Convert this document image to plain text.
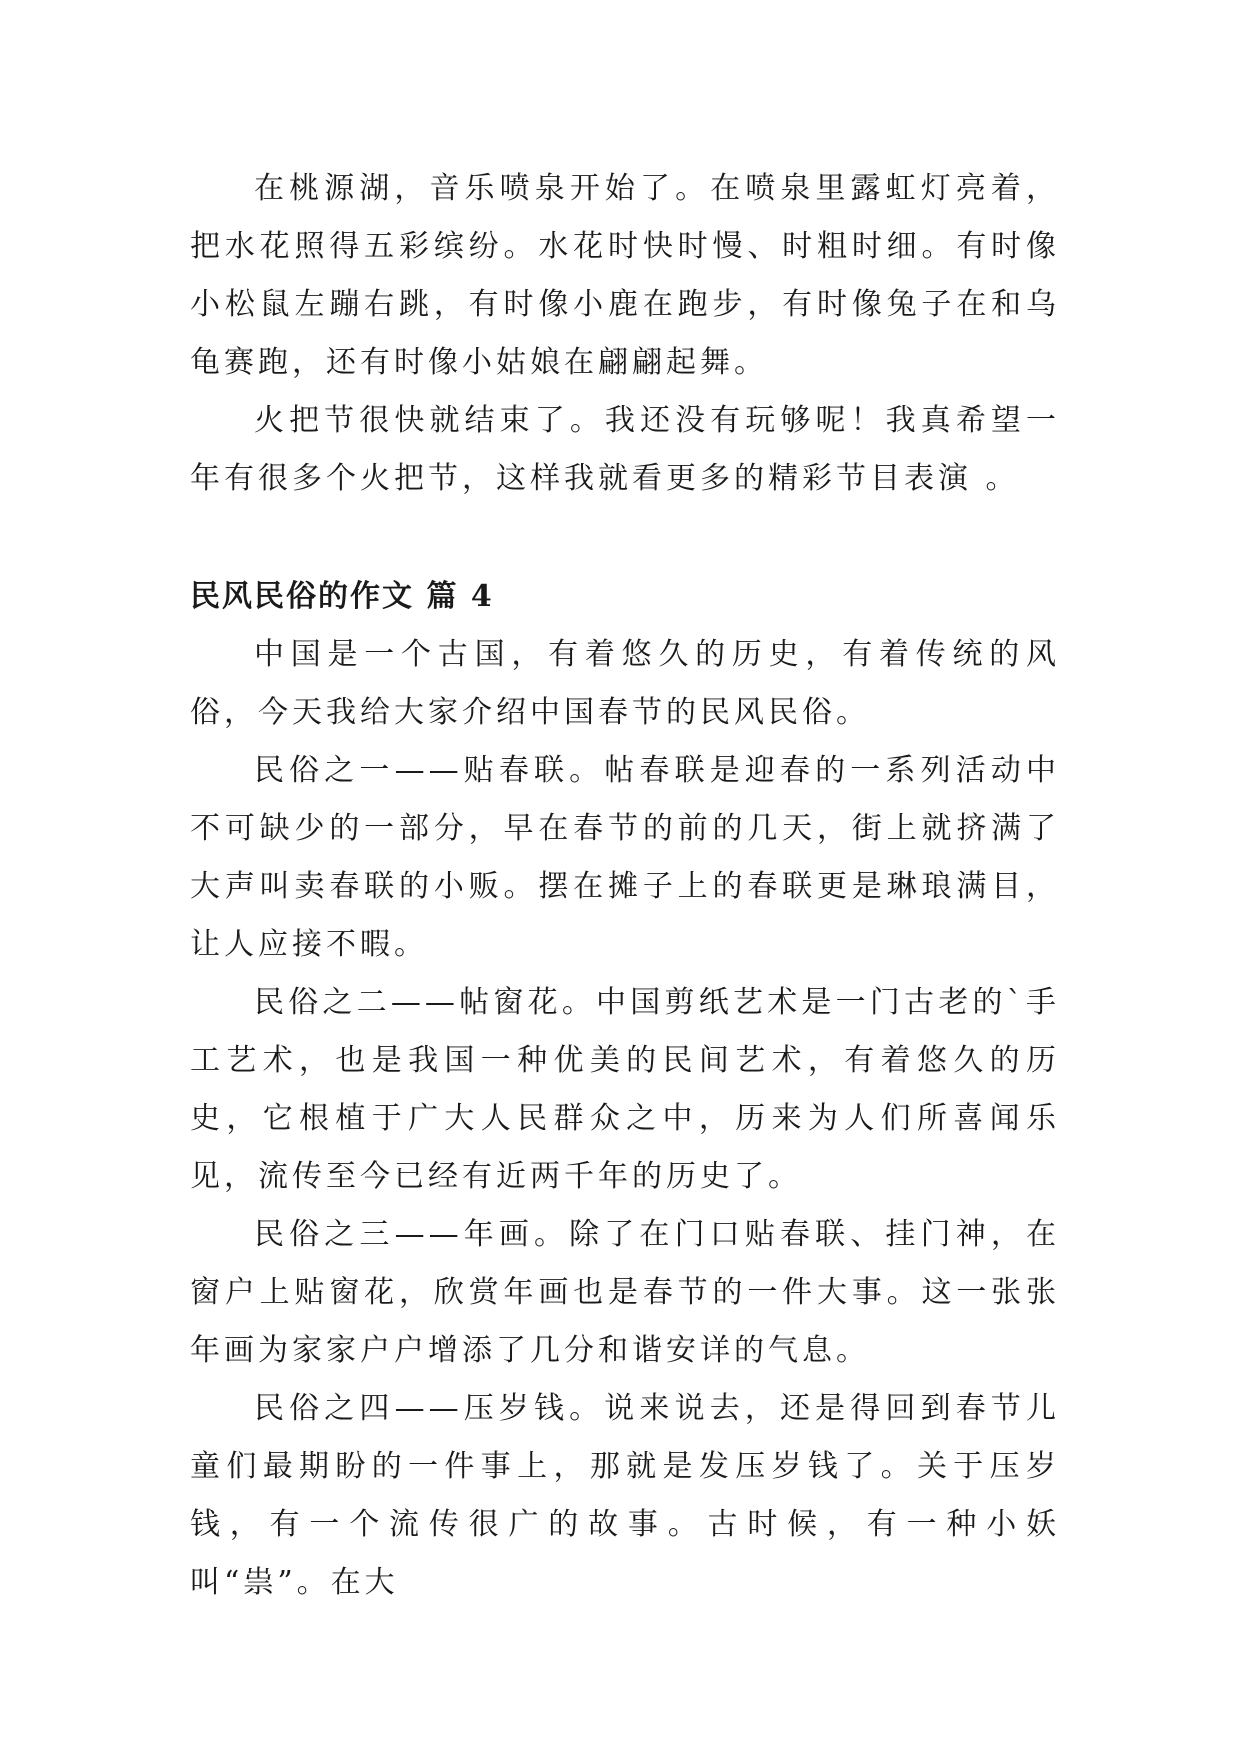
在桃源湖，音乐喷泉开始了。在喷泉里露虹灯亮着，把水花照得五彩缤纷。水花时快时慢、时粗时细。有时像小松鼠左蹦右跳，有时像小鹿在跑步，有时像兔子在和乌龟赛跑，还有时像小姑娘在翩翩起舞。

火把节很快就结束了。我还没有玩够呢！我真希望一年有很多个火把节，这样我就看更多的精彩节目表演 。

民风民俗的作文 篇 4

中国是一个古国，有着悠久的历史，有着传统的风俗，今天我给大家介绍中国春节的民风民俗。

民俗之一——贴春联。帖春联是迎春的一系列活动中不可缺少的一部分，早在春节的前的几天，街上就挤满了大声叫卖春联的小贩。摆在摊子上的春联更是琳琅满目，让人应接不暇。

民俗之二——帖窗花。中国剪纸艺术是一门古老的`手工艺术，也是我国一种优美的民间艺术，有着悠久的历史，它根植于广大人民群众之中，历来为人们所喜闻乐见，流传至今已经有近两千年的历史了。

民俗之三——年画。除了在门口贴春联、挂门神，在窗户上贴窗花，欣赏年画也是春节的一件大事。这一张张年画为家家户户增添了几分和谐安详的气息。

民俗之四——压岁钱。说来说去，还是得回到春节儿童们最期盼的一件事上，那就是发压岁钱了。关于压岁钱，有一个流传很广的故事。古时候，有一种小妖叫“祟”。在大
